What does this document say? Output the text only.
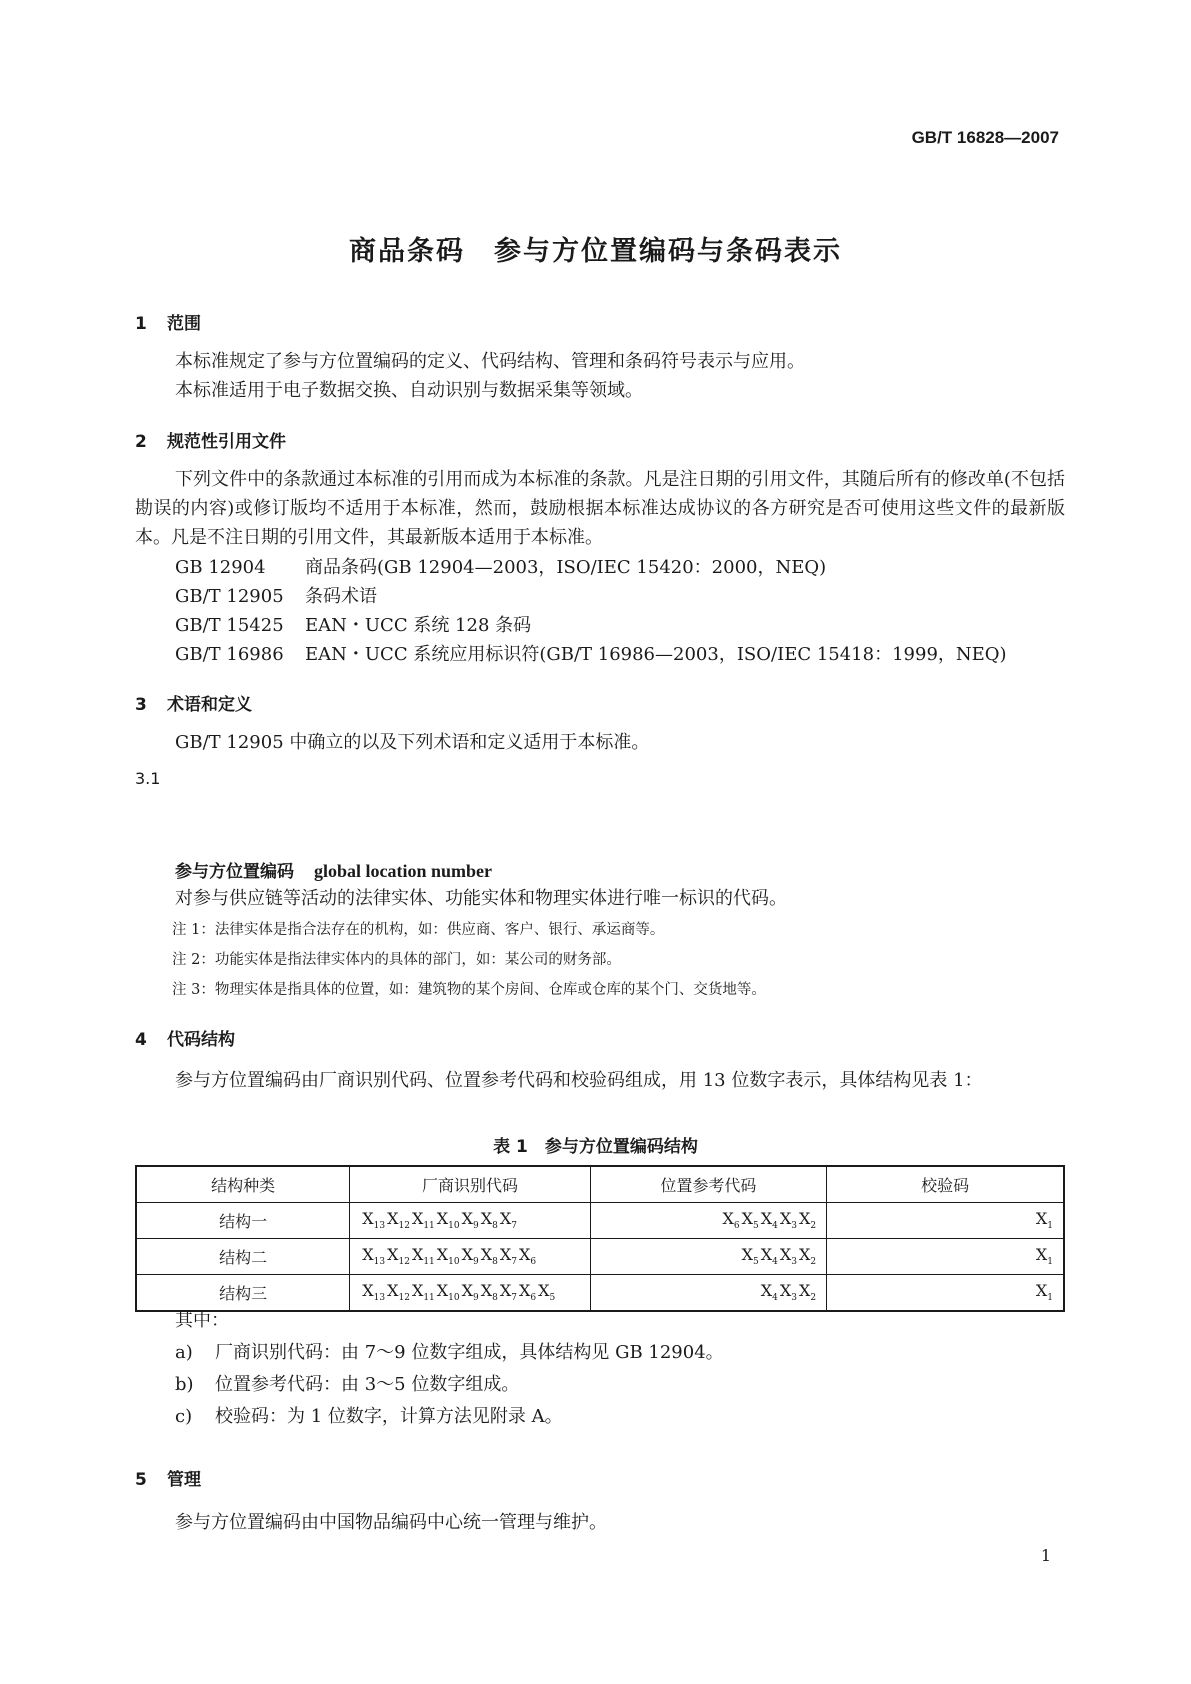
GB/T 16828—2007
商品条码　参与方位置编码与条码表示
1 范围
本标准规定了参与方位置编码的定义、代码结构、管理和条码符号表示与应用。
本标准适用于电子数据交换、自动识别与数据采集等领域。
2 规范性引用文件
下列文件中的条款通过本标准的引用而成为本标准的条款。凡是注日期的引用文件，其随后所有的修改单(不包括勘误的内容)或修订版均不适用于本标准，然而，鼓励根据本标准达成协议的各方研究是否可使用这些文件的最新版本。凡是不注日期的引用文件，其最新版本适用于本标准。
GB 12904 商品条码(GB 12904—2003，ISO/IEC 15420：2000，NEQ)
GB/T 12905 条码术语
GB/T 15425 EAN・UCC 系统 128 条码
GB/T 16986 EAN・UCC 系统应用标识符(GB/T 16986—2003，ISO/IEC 15418：1999，NEQ)
3 术语和定义
GB/T 12905 中确立的以及下列术语和定义适用于本标准。
3.1
参与方位置编码 global location number
对参与供应链等活动的法律实体、功能实体和物理实体进行唯一标识的代码。
注 1：法律实体是指合法存在的机构，如：供应商、客户、银行、承运商等。
注 2：功能实体是指法律实体内的具体的部门，如：某公司的财务部。
注 3：物理实体是指具体的位置，如：建筑物的某个房间、仓库或仓库的某个门、交货地等。
4 代码结构
参与方位置编码由厂商识别代码、位置参考代码和校验码组成，用 13 位数字表示，具体结构见表 1：
表 1　参与方位置编码结构
结构种类	厂商识别代码	位置参考代码	校验码
结构一	$X_{13}$ $X_{12}$ $X_{11}$ $X_{10}$ $X_9$ $X_8$ $X_7$	$X_6$ $X_5$ $X_4$ $X_3$ $X_2$	$X_1$
结构二	$X_{13}$ $X_{12}$ $X_{11}$ $X_{10}$ $X_9$ $X_8$ $X_7$ $X_6$	$X_5$ $X_4$ $X_3$ $X_2$	$X_1$
结构三	$X_{13}$ $X_{12}$ $X_{11}$ $X_{10}$ $X_9$ $X_8$ $X_7$ $X_6$ $X_5$	$X_4$ $X_3$ $X_2$	$X_1$
其中：
a) 厂商识别代码：由 7～9 位数字组成，具体结构见 GB 12904。
b) 位置参考代码：由 3～5 位数字组成。
c) 校验码：为 1 位数字，计算方法见附录 A。
5 管理
参与方位置编码由中国物品编码中心统一管理与维护。
1
